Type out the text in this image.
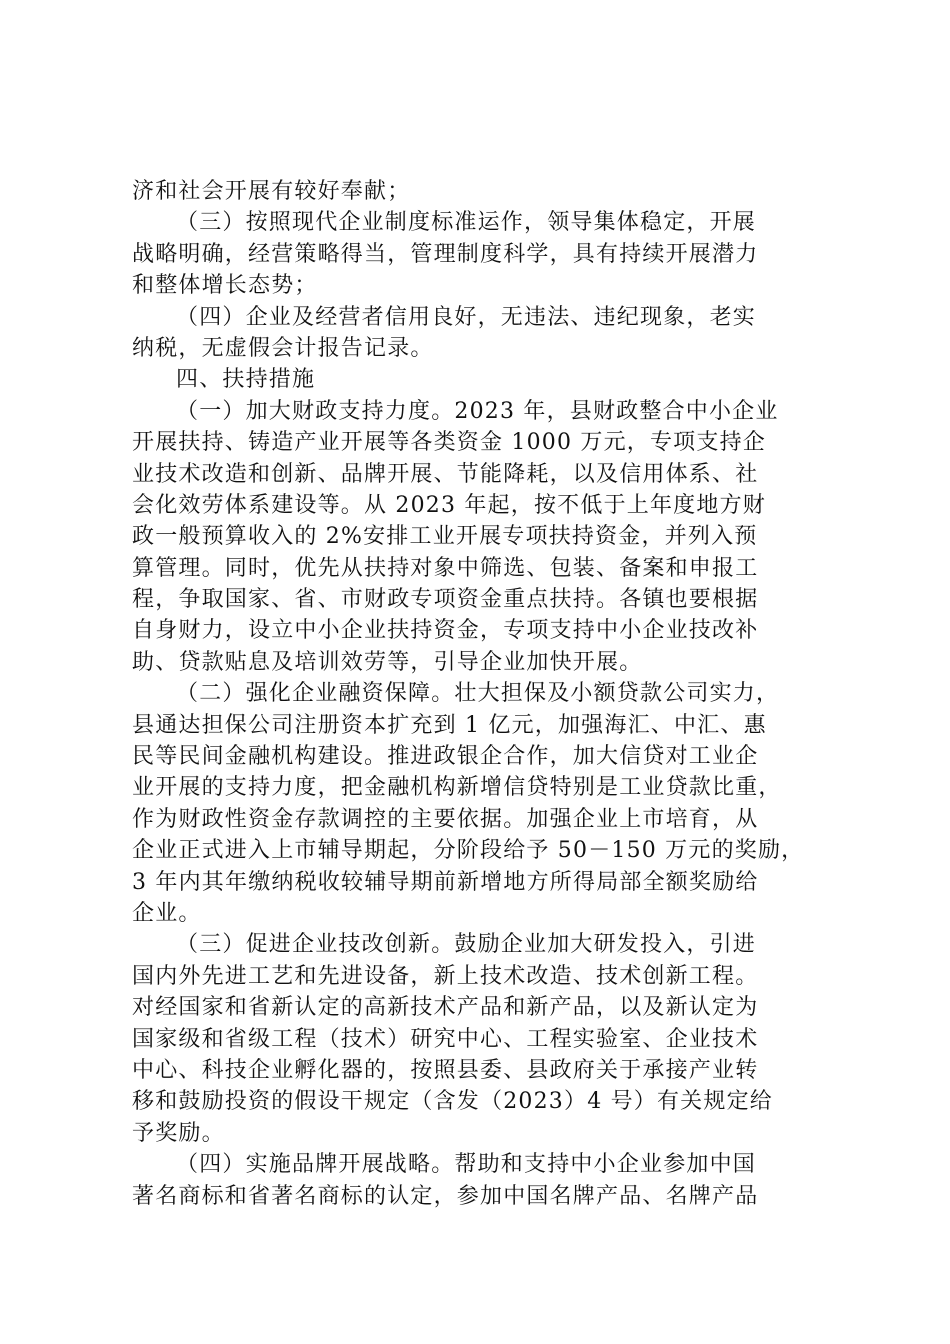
济和社会开展有较好奉献；
（三）按照现代企业制度标准运作，领导集体稳定，开展
战略明确，经营策略得当，管理制度科学，具有持续开展潜力
和整体增长态势；
（四）企业及经营者信用良好，无违法、违纪现象，老实
纳税，无虚假会计报告记录。
四、扶持措施
（一）加大财政支持力度。2023 年，县财政整合中小企业
开展扶持、铸造产业开展等各类资金 1000 万元，专项支持企
业技术改造和创新、品牌开展、节能降耗，以及信用体系、社
会化效劳体系建设等。从 2023 年起，按不低于上年度地方财
政一般预算收入的 2%安排工业开展专项扶持资金，并列入预
算管理。同时，优先从扶持对象中筛选、包装、备案和申报工
程，争取国家、省、市财政专项资金重点扶持。各镇也要根据
自身财力，设立中小企业扶持资金，专项支持中小企业技改补
助、贷款贴息及培训效劳等，引导企业加快开展。
（二）强化企业融资保障。壮大担保及小额贷款公司实力，
县通达担保公司注册资本扩充到 1 亿元，加强海汇、中汇、惠
民等民间金融机构建设。推进政银企合作，加大信贷对工业企
业开展的支持力度，把金融机构新增信贷特别是工业贷款比重，
作为财政性资金存款调控的主要依据。加强企业上市培育，从
企业正式进入上市辅导期起，分阶段给予 50－150 万元的奖励，
3 年内其年缴纳税收较辅导期前新增地方所得局部全额奖励给
企业。
（三）促进企业技改创新。鼓励企业加大研发投入，引进
国内外先进工艺和先进设备，新上技术改造、技术创新工程。
对经国家和省新认定的高新技术产品和新产品，以及新认定为
国家级和省级工程（技术）研究中心、工程实验室、企业技术
中心、科技企业孵化器的，按照县委、县政府关于承接产业转
移和鼓励投资的假设干规定（含发（2023）4 号）有关规定给
予奖励。
（四）实施品牌开展战略。帮助和支持中小企业参加中国
著名商标和省著名商标的认定，参加中国名牌产品、名牌产品
